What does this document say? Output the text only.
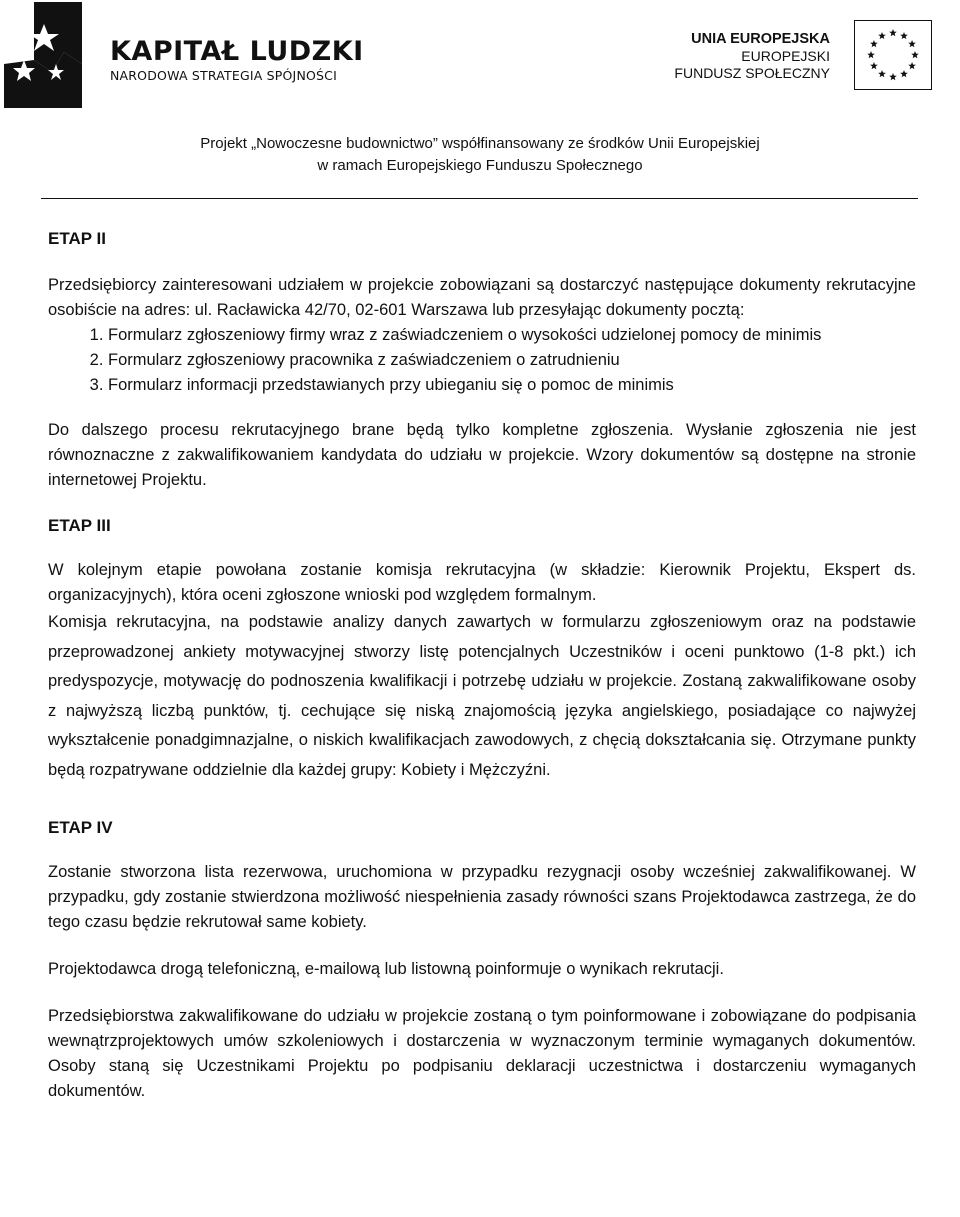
KAPITAŁ LUDZKI
NARODOWA STRATEGIA SPÓJNOŚCI
UNIA EUROPEJSKA
EUROPEJSKI
FUNDUSZ SPOŁECZNY
Projekt „Nowoczesne budownictwo” współfinansowany ze środków Unii Europejskiej
w ramach Europejskiego Funduszu Społecznego
ETAP II

Przedsiębiorcy zainteresowani udziałem w projekcie zobowiązani są dostarczyć następujące dokumenty rekrutacyjne osobiście na adres: ul. Racławicka 42/70, 02-601 Warszawa lub przesyłając dokumenty pocztą:

1. Formularz zgłoszeniowy firmy wraz z zaświadczeniem o wysokości udzielonej pomocy de minimis
2. Formularz zgłoszeniowy pracownika z zaświadczeniem o zatrudnieniu
3. Formularz informacji przedstawianych przy ubieganiu się o pomoc de minimis

Do dalszego procesu rekrutacyjnego brane będą tylko kompletne zgłoszenia. Wysłanie zgłoszenia nie jest równoznaczne z zakwalifikowaniem kandydata do udziału w projekcie. Wzory dokumentów są dostępne na stronie internetowej Projektu.

ETAP III

W kolejnym etapie powołana zostanie komisja rekrutacyjna (w składzie: Kierownik Projektu, Ekspert ds. organizacyjnych), która oceni zgłoszone wnioski pod względem formalnym.

Komisja rekrutacyjna, na podstawie analizy danych zawartych w formularzu zgłoszeniowym oraz na podstawie przeprowadzonej ankiety motywacyjnej stworzy listę potencjalnych Uczestników i oceni punktowo (1-8 pkt.) ich predyspozycje, motywację do podnoszenia kwalifikacji i potrzebę udziału w projekcie. Zostaną zakwalifikowane osoby z najwyższą liczbą punktów, tj. cechujące się niską znajomością języka angielskiego, posiadające co najwyżej wykształcenie ponadgimnazjalne, o niskich kwalifikacjach zawodowych, z chęcią dokształcania się. Otrzymane punkty będą rozpatrywane oddzielnie dla każdej grupy: Kobiety i Mężczyźni.

ETAP IV

Zostanie stworzona lista rezerwowa, uruchomiona w przypadku rezygnacji osoby wcześniej zakwalifikowanej. W przypadku, gdy zostanie stwierdzona możliwość niespełnienia zasady równości szans Projektodawca zastrzega, że do tego czasu będzie rekrutował same kobiety.

Projektodawca drogą telefoniczną, e-mailową lub listowną poinformuje o wynikach rekrutacji.

Przedsiębiorstwa zakwalifikowane do udziału w projekcie zostaną o tym poinformowane i zobowiązane do podpisania wewnątrzprojektowych umów szkoleniowych i dostarczenia w wyznaczonym terminie wymaganych dokumentów. Osoby staną się Uczestnikami Projektu po podpisaniu deklaracji uczestnictwa i dostarczeniu wymaganych dokumentów.
